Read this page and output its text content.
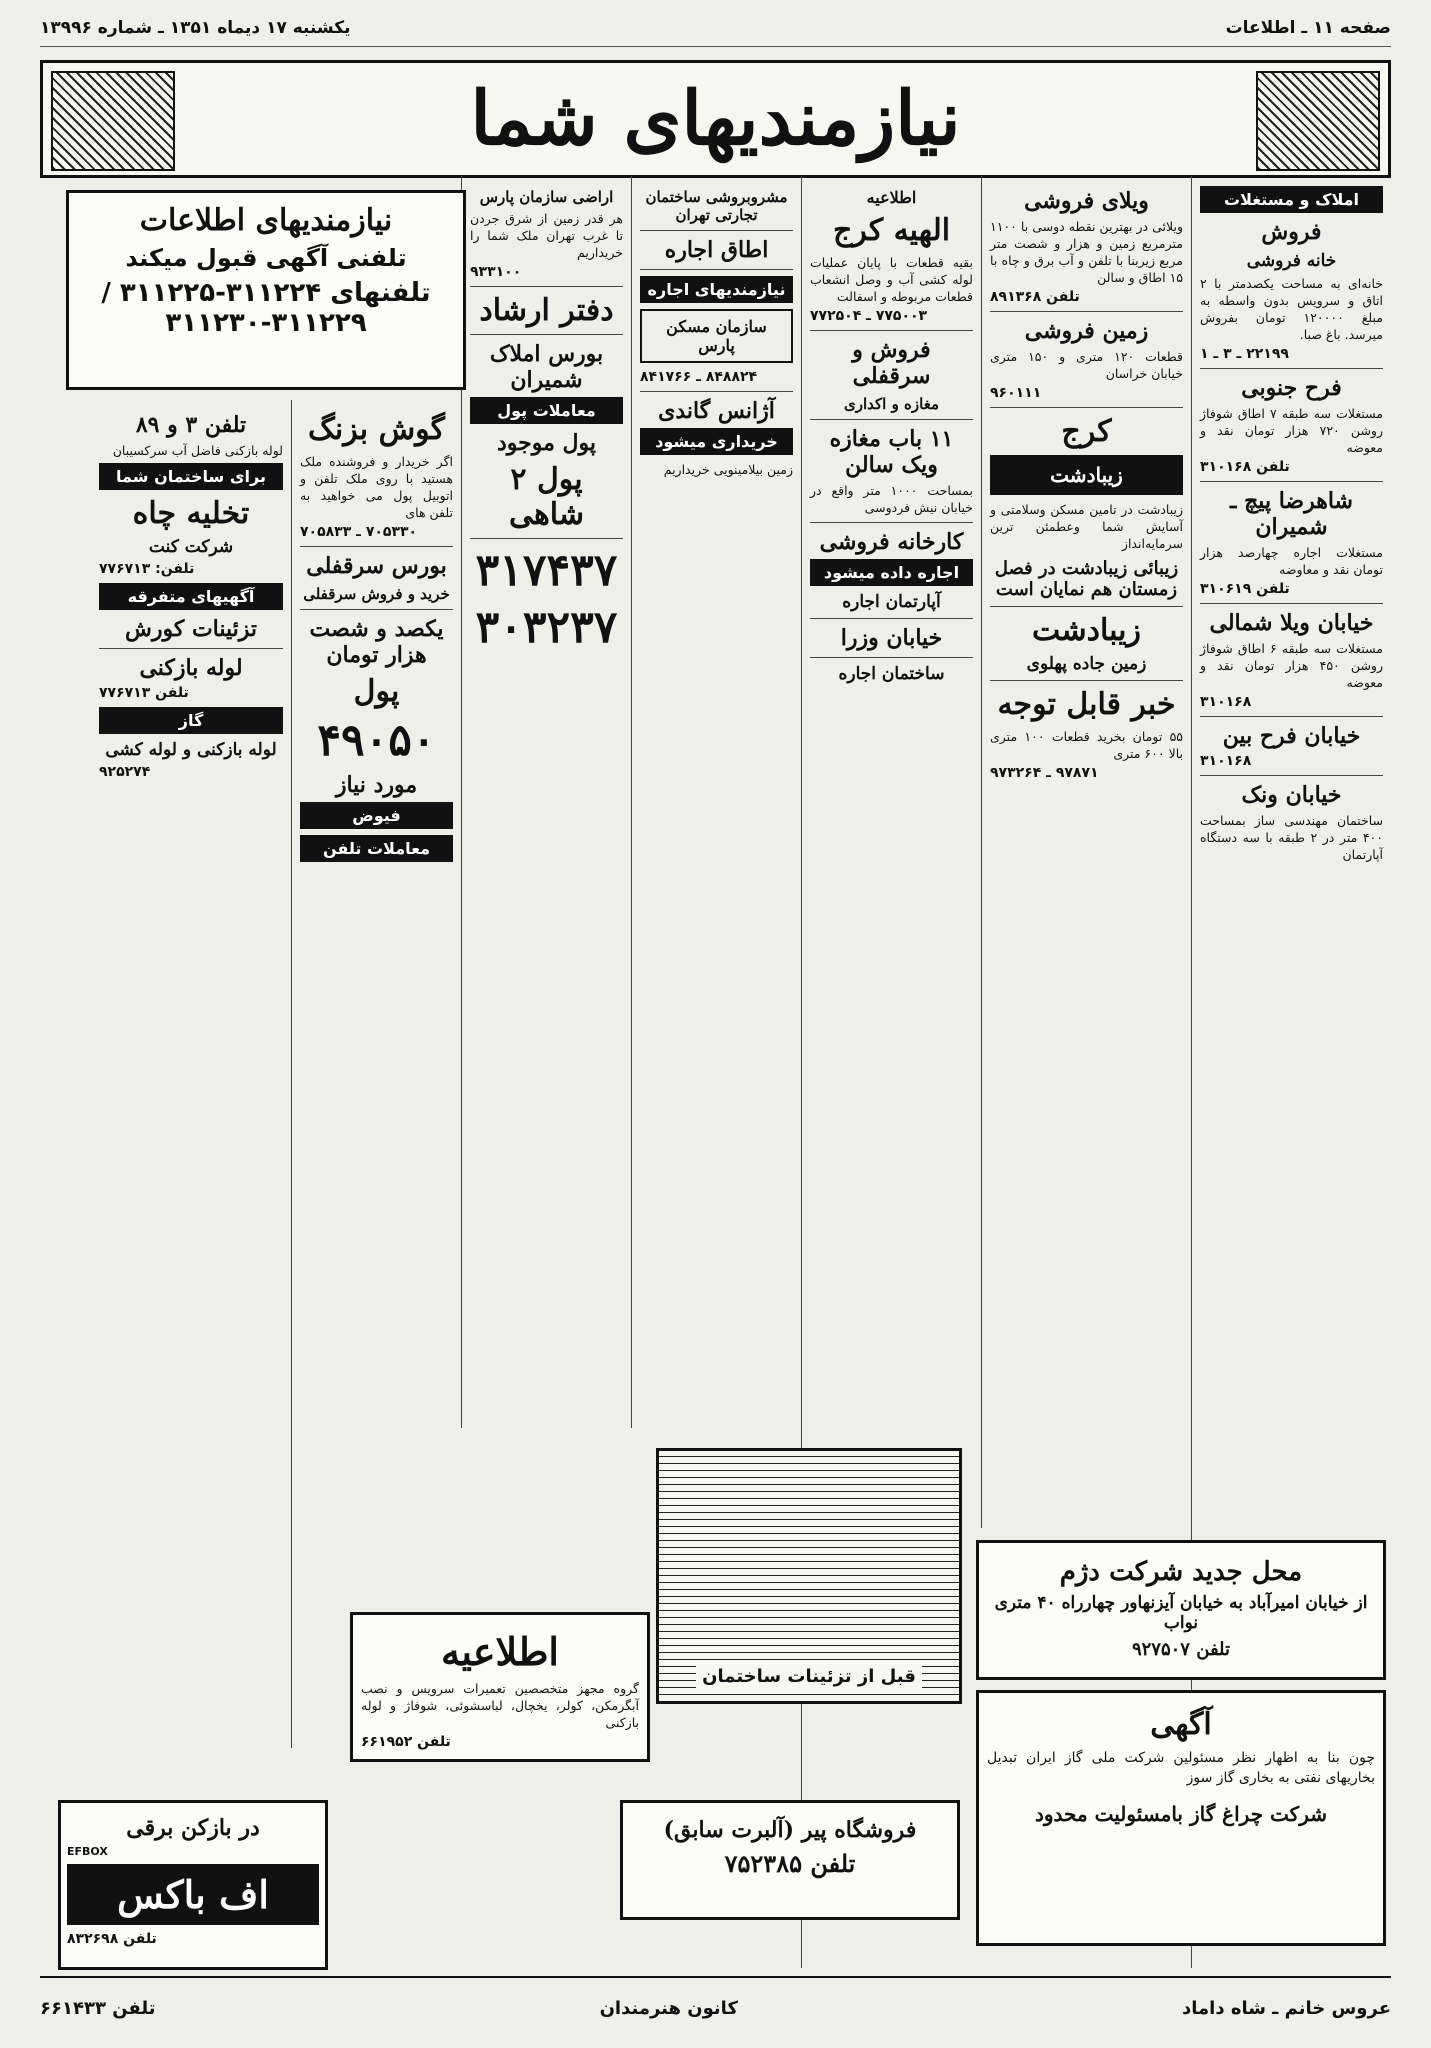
صفحه ۱۱ ـ اطلاعات
یکشنبه ۱۷ دیماه ۱۳۵۱ ـ شماره ۱۳۹۹۶
نیازمندیهای شما
املاک و مستغلات
فروش
خانه فروشی
خانه‌ای به مساحت یکصدمتر با ۲ اتاق و سرویس بدون واسطه به مبلغ ۱۲۰۰۰۰ تومان بفروش میرسد. باغ صبا.
۲۲۱۹۹ ـ ۳ ـ ۱
فرح جنوبی
مستغلات سه طبقه ۷ اطاق شوفاژ روشن ۷۲۰ هزار تومان نقد و معوضه
تلفن ۳۱۰۱۶۸
شاهرضا پیچ ـ شمیران
مستغلات اجاره چهارصد هزار تومان نقد و معاوضه
تلفن ۳۱۰۶۱۹
خیابان ویلا شمالی
مستغلات سه طبقه ۶ اطاق شوفاژ روشن ۴۵۰ هزار تومان نقد و معوضه
۳۱۰۱۶۸
خیابان فرح بین
۳۱۰۱۶۸
خیابان ونک
ساختمان مهندسی ساز بمساحت ۴۰۰ متر در ۲ طبقه با سه دستگاه آپارتمان
ویلای فروشی
ویلائی در بهترین نقطه دوسی با ۱۱۰۰ مترمربع زمین و هزار و شصت متر مربع زیربنا با تلفن و آب برق و چاه با ۱۵ اطاق و سالن
تلفن ۸۹۱۳۶۸
زمین فروشی
قطعات ۱۲۰ متری و ۱۵۰ متری خیابان خراسان
۹۶۰۱۱۱
کرج
زیبادشت
زیبادشت ‌در تامین مسکن وسلامتی و آسایش شما وعطمئن ترین سرمایه‌انداز
زیبائی زیبادشت در فصل زمستان هم نمایان است
زیبادشت
زمین جاده پهلوی
خبر قابل توجه
۵۵ تومان بخرید قطعات ۱۰۰ متری بالا ۶۰۰ متری
۹۷۸۷۱ ـ ۹۷۳۲۶۴
اطلاعیه
الهیه کرج
بقیه قطعات با پایان عملیات لوله کشی آب و وصل انشعاب قطعات مربوطه و اسفالت
۷۷۵۰۰۳ ـ ۷۷۲۵۰۴
فروش و سرقفلی
مغازه و اکداری
۱۱ باب مغازه ویک سالن
بمساحت ۱۰۰۰ متر واقع در خیابان نیش فردوسی
کارخانه فروشی
اجاره داده میشود
آپارتمان اجاره
خیابان وزرا
ساختمان اجاره
مشروبروشی ساختمان تجارتی تهران
اطاق اجاره
نیازمندیهای اجاره
سازمان مسکن پارس
۸۴۸۸۲۴ ـ ۸۴۱۷۶۶
آژانس گاندی
خریداری میشود
زمین بیلامینویی خریداریم
اراضی سازمان پارس
هر قدر زمین از شرق جردن تا غرب تهران ملک شما را خریداریم
۹۳۳۱۰۰
دفتر ارشاد
بورس املاک شمیران
معاملات پول
پول موجود
پول ۲ شاهی
۳۱۷۴۳۷
۳۰۳۲۳۷
گوش بزنگ
اگر خریدار و فروشنده ملک هستید با روی ملک تلفن و اتوبیل پول می خواهید به تلفن های
۷۰۵۳۳۰ ـ ۷۰۵۸۳۳
بورس سرقفلی
خرید و فروش سرقفلی
یکصد و شصت هزار تومان
پول
۴۹۰۵۰
مورد نیاز
فیوض
معاملات تلفن
تلفن ۳ و ۸۹
لوله بازکنی فاضل آب سرکسیبان
برای ساختمان شما
تخلیه چاه
شرکت کنت
تلفن: ۷۷۶۷۱۳
آگهیهای متفرقه
تزئینات کورش
لوله بازکنی
تلفن ۷۷۶۷۱۳
گاز
لوله بازکنی و لوله کشی
۹۲۵۲۷۴
نیازمندیهای اطلاعات
تلفنی آگهی قبول میکند
تلفنهای ۳۱۱۲۲۴-۳۱۱۲۲۵ / ۳۱۱۲۲۹-۳۱۱۲۳۰
قبل از تزئینات ساختمان
اطلاعیه
گروه مجهز متخصصین تعمیرات سرویس و نصب آبگرمکن، کولر، یخچال، لباسشوئی، شوفاژ و لوله بازکنی
تلفن ۶۶۱۹۵۲
محل جدید شرکت دژم
از خیابان امیرآباد به خیابان آیزنهاور چهارراه ۴۰ متری نواب
تلفن ۹۲۷۵۰۷
آگهی
چون بنا به اظهار نظر مسئولین شرکت ملی گاز ایران تبدیل بخاریهای نفتی به بخاری گاز سوز
شرکت چراغ گاز بامسئولیت محدود
در بازکن برقی
EFBOX
اف باکس
تلفن ۸۳۲۶۹۸
فروشگاه پیر (آلبرت سابق)
تلفن ۷۵۲۳۸۵
عروس خانم ـ شاه داماد
کانون هنرمندان
تلفن ۶۶۱۴۳۳
